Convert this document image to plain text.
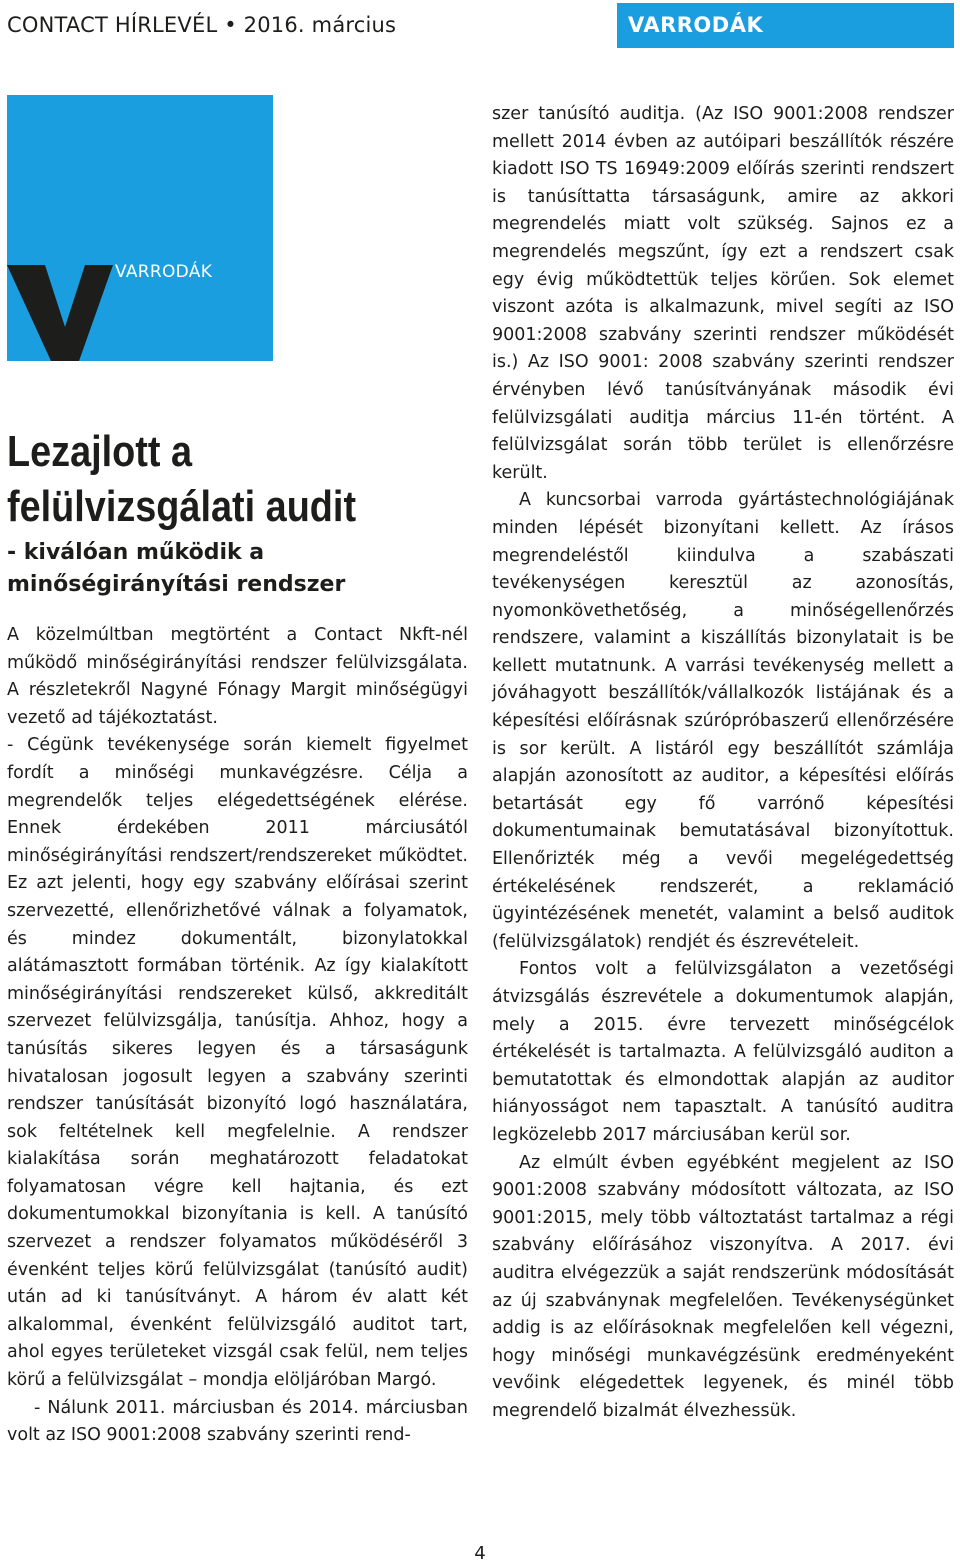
CONTACT HÍRLEVÉL • 2016. március	VARRODÁK
VARRODÁK
Lezajlott a felülvizsgálati audit
- kiválóan működik a minőségirányítási rendszer

A közelmúltban megtörtént a Contact Nkft-nél működő minőségirányítási rendszer felülvizsgálata. A részletekről Nagyné Fónagy Margit minőségügyi vezető ad tájékoztatást.

- Cégünk tevékenysége során kiemelt figyelmet fordít a minőségi munkavégzésre. Célja a megrendelők teljes elégedettségének elérése. Ennek érdekében 2011 márciusától minőségirányítási rendszert/rendszereket működtet. Ez azt jelenti, hogy egy szabvány előírásai szerint szervezetté, ellenőrizhetővé válnak a folyamatok, és mindez dokumentált, bizonylatokkal alátámasztott formában történik. Az így kialakított minőségirányítási rendszereket külső, akkreditált szervezet felülvizsgálja, tanúsítja. Ahhoz, hogy a tanúsítás sikeres legyen és a társaságunk hivatalosan jogosult legyen a szabvány szerinti rendszer tanúsítását bizonyító logó használatára, sok feltételnek kell megfelelnie. A rendszer kialakítása során meghatározott feladatokat folyamatosan végre kell hajtania, és ezt dokumentumokkal bizonyítania is kell. A tanúsító szervezet a rendszer folyamatos működéséről 3 évenként teljes körű felülvizsgálat (tanúsító audit) után ad ki tanúsítványt. A három év alatt két alkalommal, évenként felülvizsgáló auditot tart, ahol egyes területeket vizsgál csak felül, nem teljes körű a felülvizsgálat – mondja elöljáróban Margó.

- Nálunk 2011. márciusban és 2014. márciusban volt az ISO 9001:2008 szabvány szerinti rend-

szer tanúsító auditja. (Az ISO 9001:2008 rendszer mellett 2014 évben az autóipari beszállítók részére kiadott ISO TS 16949:2009 előírás szerinti rendszert is tanúsíttatta társaságunk, amire az akkori megrendelés miatt volt szükség. Sajnos ez a megrendelés megszűnt, így ezt a rendszert csak egy évig működtettük teljes körűen. Sok elemet viszont azóta is alkalmazunk, mivel segíti az ISO 9001:2008 szabvány szerinti rendszer működését is.) Az ISO 9001: 2008 szabvány szerinti rendszer érvényben lévő tanúsítványának második évi felülvizsgálati auditja március 11-én történt. A felülvizsgálat során több terület is ellenőrzésre került.

A kuncsorbai varroda gyártástechnológiájának minden lépését bizonyítani kellett. Az írásos megrendeléstől kiindulva a szabászati tevékenységen keresztül az azonosítás, nyomonkövethetőség, a minőségellenőrzés rendszere, valamint a kiszállítás bizonylatait is be kellett mutatnunk. A varrási tevékenység mellett a jóváhagyott beszállítók/vállalkozók listájának és a képesítési előírásnak szúrópróbaszerű ellenőrzésére is sor került. A listáról egy beszállítót számlája alapján azonosított az auditor, a képesítési előírás betartását egy fő varrónő képesítési dokumentumainak bemutatásával bizonyítottuk. Ellenőrizték még a vevői megelégedettség értékelésének rendszerét, a reklamáció ügyintézésének menetét, valamint a belső auditok (felülvizsgálatok) rendjét és észrevételeit.

Fontos volt a felülvizsgálaton a vezetőségi átvizsgálás észrevétele a dokumentumok alapján, mely a 2015. évre tervezett minőségcélok értékelését is tartalmazta. A felülvizsgáló auditon a bemutatottak és elmondottak alapján az auditor hiányosságot nem tapasztalt. A tanúsító auditra legközelebb 2017 márciusában kerül sor.

Az elmúlt évben egyébként megjelent az ISO 9001:2008 szabvány módosított változata, az ISO 9001:2015, mely több változtatást tartalmaz a régi szabvány előírásához viszonyítva. A 2017. évi auditra elvégezzük a saját rendszerünk módosítását az új szabványnak megfelelően. Tevékenységünket addig is az előírásoknak megfelelően kell végezni, hogy minőségi munkavégzésünk eredményeként vevőink elégedettek legyenek, és minél több megrendelő bizalmát élvezhessük.

4
